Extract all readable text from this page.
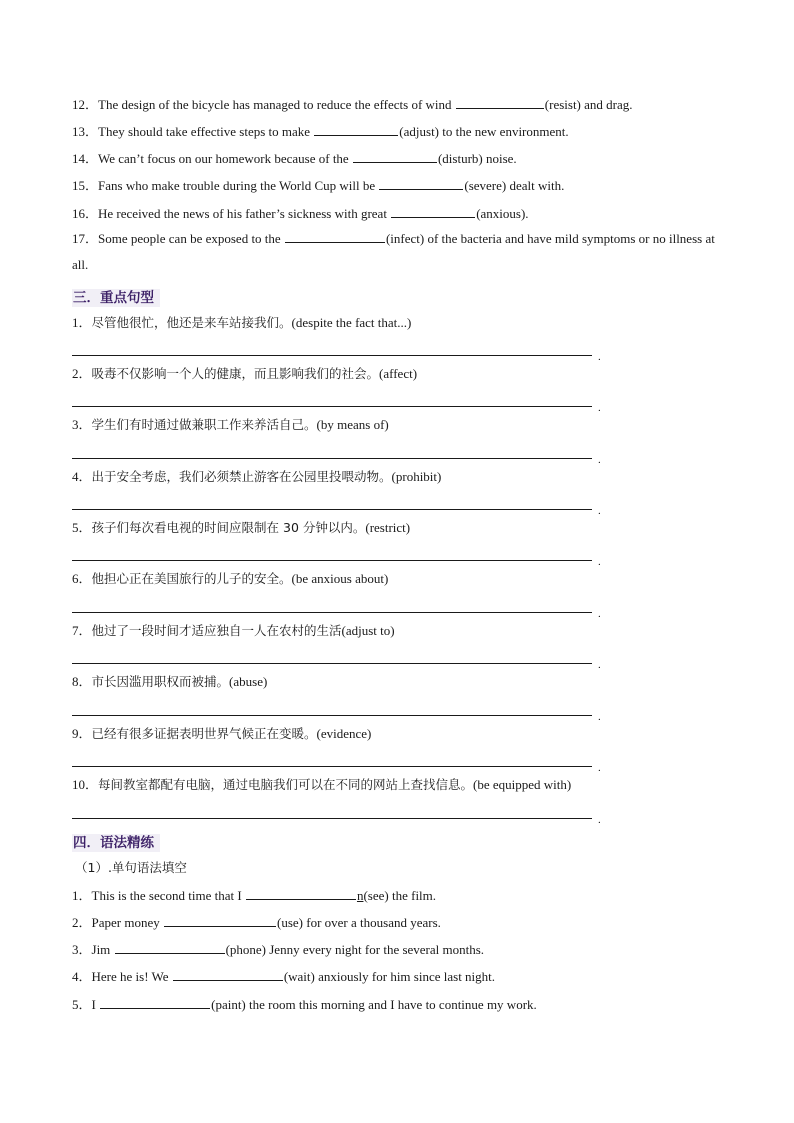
12．The design of the bicycle has managed to reduce the effects of wind	(resist) and drag.
13．They should take effective steps to make	(adjust) to the new environment.
14．We can’t focus on our homework because of the	(disturb) noise.
15．Fans who make trouble during the World Cup will be	(severe) dealt with.
16．He received the news of his father’s sickness with great	(anxious).
17．Some people can be exposed to the	(infect) of the bacteria and have mild symptoms or no illness at all.
三．重点句型
1．尽管他很忙，他还是来车站接我们。(despite the fact that...)
.
2．吸毒不仅影响一个人的健康，而且影响我们的社会。(affect)
.
3．学生们有时通过做兼职工作来养活自己。(by means of)
.
4．出于安全考虑，我们必须禁止游客在公园里投喂动物。(prohibit)
.
5．孩子们每次看电视的时间应限制在 30 分钟以内。(restrict)
.
6．他担心正在美国旅行的儿子的安全。(be anxious about)
.
7．他过了一段时间才适应独自一人在农村的生活(adjust to)
.
8．市长因滥用职权而被捕。(abuse)
.
9．已经有很多证据表明世界气候正在变暖。(evidence)
.
10．每间教室都配有电脑，通过电脑我们可以在不同的网站上查找信息。(be equipped with)
.
四．语法精练
（1）.单句语法填空
1．This is the second time that I	n(see) the film.
2．Paper money	(use) for over a thousand years.
3．Jim	(phone) Jenny every night for the several months.
4．Here he is! We	(wait) anxiously for him since last night.
5．I	(paint) the room this morning and I have to continue my work.
